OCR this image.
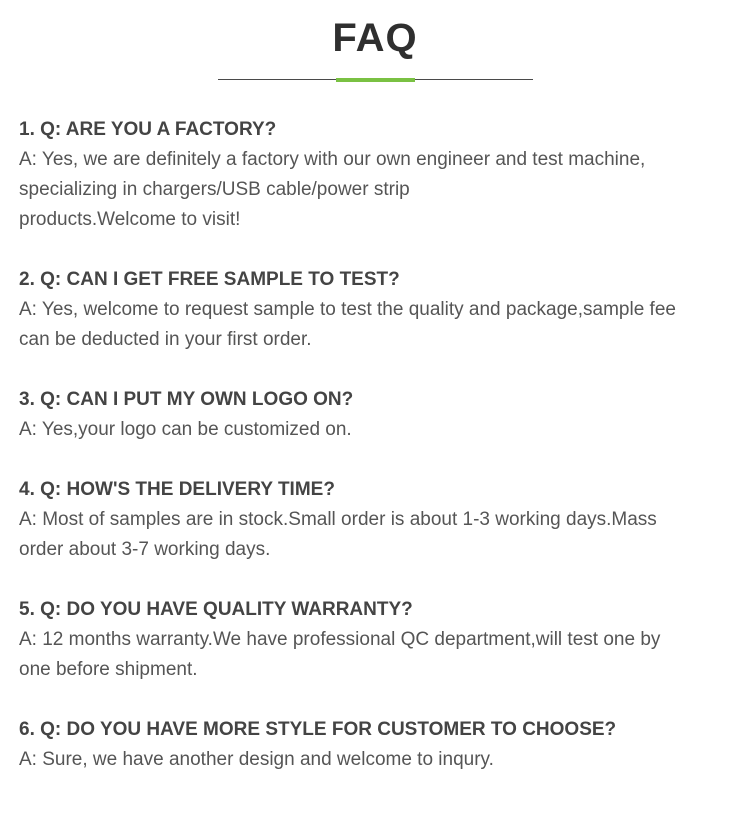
FAQ
1. Q: ARE YOU A FACTORY?
A: Yes, we are definitely a factory with our own engineer and test machine,
specializing in chargers/USB cable/power strip
products.Welcome to visit!
2. Q: CAN I GET FREE SAMPLE TO TEST?
A: Yes, welcome to request sample to test the quality and package,sample fee
can be deducted in your first order.
3. Q: CAN I PUT MY OWN LOGO ON?
A: Yes,your logo can be customized on.
4. Q: HOW'S THE DELIVERY TIME?
A: Most of samples are in stock.Small order is about 1-3 working days.Mass
order about 3-7 working days.
5. Q: DO YOU HAVE QUALITY WARRANTY?
A: 12 months warranty.We have professional QC department,will test one by
one before shipment.
6. Q: DO YOU HAVE MORE STYLE FOR CUSTOMER TO CHOOSE?
A: Sure, we have another design and welcome to inqury.
